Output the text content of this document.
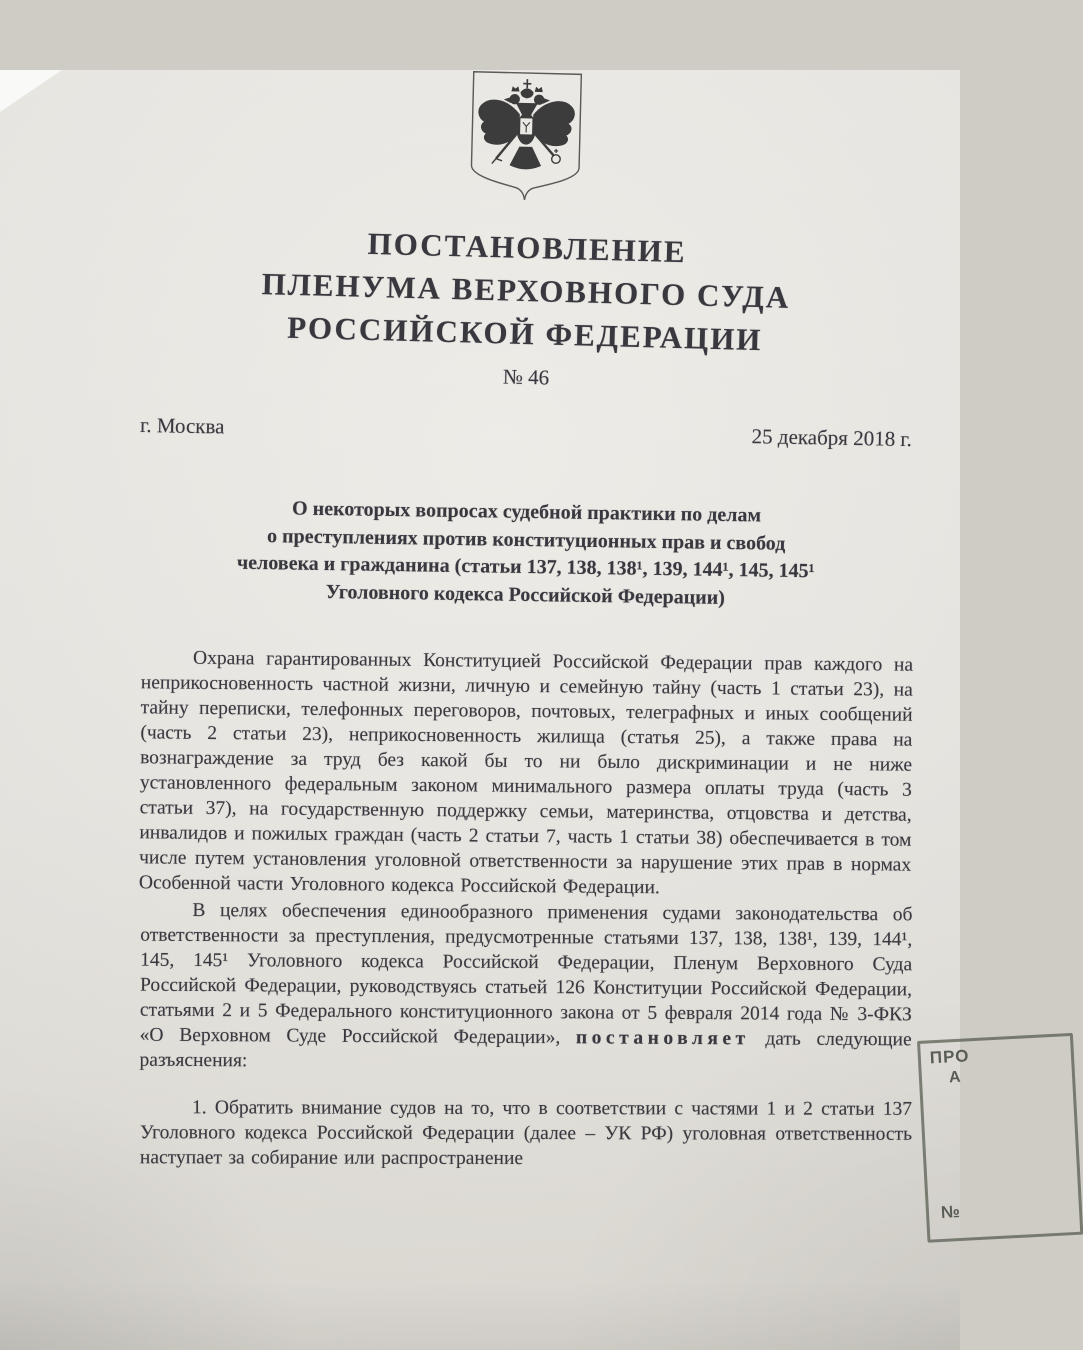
ПОСТАНОВЛЕНИЕ
ПЛЕНУМА ВЕРХОВНОГО СУДА
РОССИЙСКОЙ ФЕДЕРАЦИИ
№ 46
г. Москва	25 декабря 2018 г.
О некоторых вопросах судебной практики по делам
о преступлениях против конституционных прав и свобод
человека и гражданина (статьи 137, 138, 138¹, 139, 144¹, 145, 145¹
Уголовного кодекса Российской Федерации)

Охрана гарантированных Конституцией Российской Федерации прав каждого на неприкосновенность частной жизни, личную и семейную тайну (часть 1 статьи 23), на тайну переписки, телефонных переговоров, почтовых, телеграфных и иных сообщений (часть 2 статьи 23), неприкосновенность жилища (статья 25), а также права на вознаграждение за труд без какой бы то ни было дискриминации и не ниже установленного федеральным законом минимального размера оплаты труда (часть 3 статьи 37), на государственную поддержку семьи, материнства, отцовства и детства, инвалидов и пожилых граждан (часть 2 статьи 7, часть 1 статьи 38) обеспечивается в том числе путем установления уголовной ответственности за нарушение этих прав в нормах Особенной части Уголовного кодекса Российской Федерации.

В целях обеспечения единообразного применения судами законодательства об ответственности за преступления, предусмотренные статьями 137, 138, 138¹, 139, 144¹, 145, 145¹ Уголовного кодекса Российской Федерации, Пленум Верховного Суда Российской Федерации, руководствуясь статьей 126 Конституции Российской Федерации, статьями 2 и 5 Федерального конституционного закона от 5 февраля 2014 года № 3-ФКЗ «О Верховном Суде Российской Федерации», постановляет дать следующие разъяснения:

1. Обратить внимание судов на то, что в соответствии с частями 1 и 2 статьи 137 Уголовного кодекса Российской Федерации (далее – УК РФ) уголовная ответственность наступает за собирание или распространение

ПРО
А
№
